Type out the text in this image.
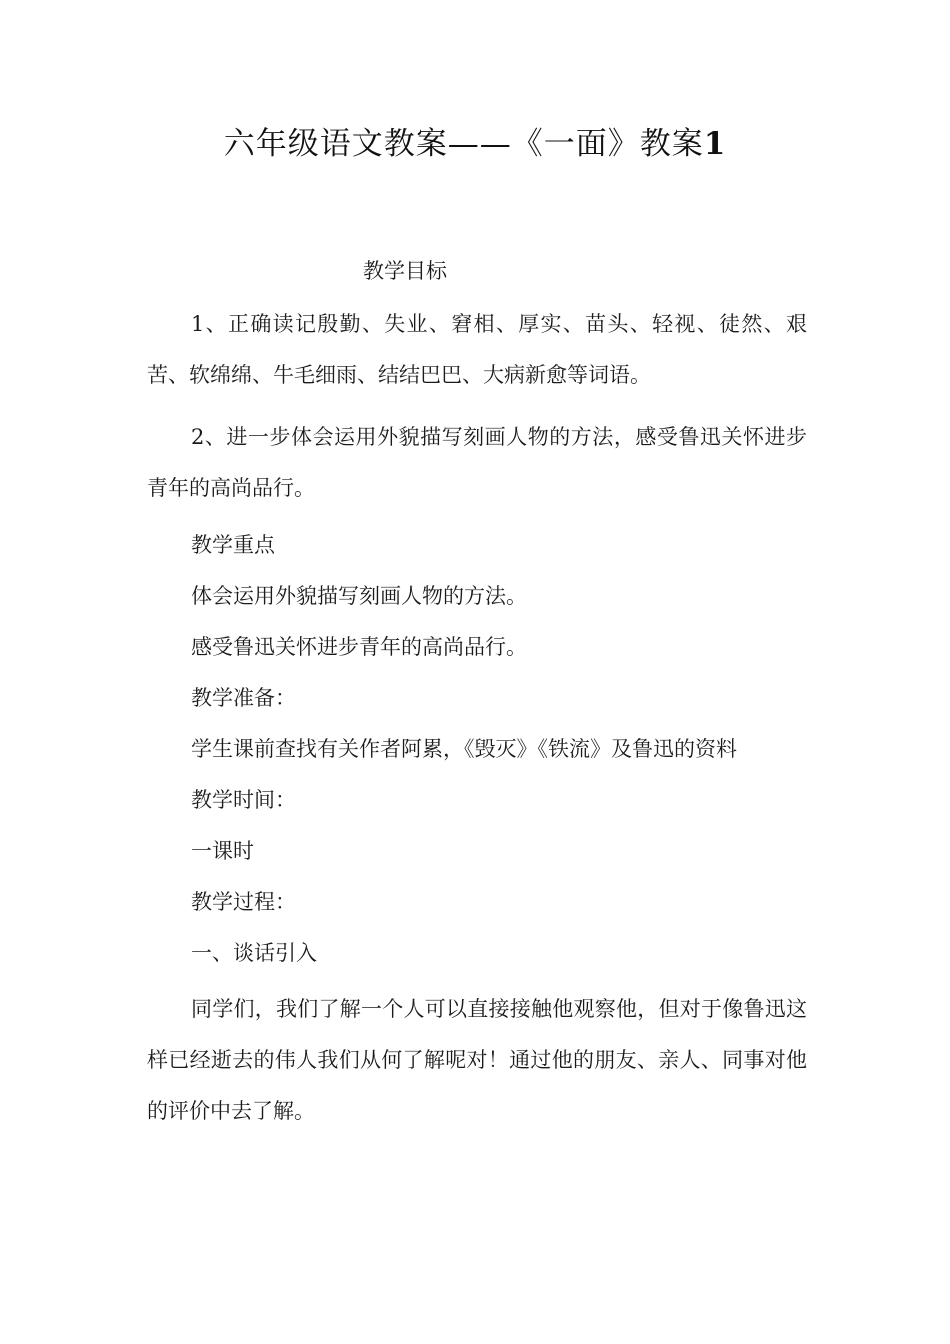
六年级语文教案——《一面》教案1

教学目标

1、正确读记殷勤、失业、窘相、厚实、苗头、轻视、徒然、艰苦、软绵绵、牛毛细雨、结结巴巴、大病新愈等词语。

2、进一步体会运用外貌描写刻画人物的方法，感受鲁迅关怀进步青年的高尚品行。

教学重点

体会运用外貌描写刻画人物的方法。

感受鲁迅关怀进步青年的高尚品行。

教学准备：

学生课前查找有关作者阿累，《毁灭》《铁流》及鲁迅的资料

教学时间：

一课时

教学过程：

一、谈话引入

同学们，我们了解一个人可以直接接触他观察他，但对于像鲁迅这样已经逝去的伟人我们从何了解呢对！通过他的朋友、亲人、同事对他的评价中去了解。
